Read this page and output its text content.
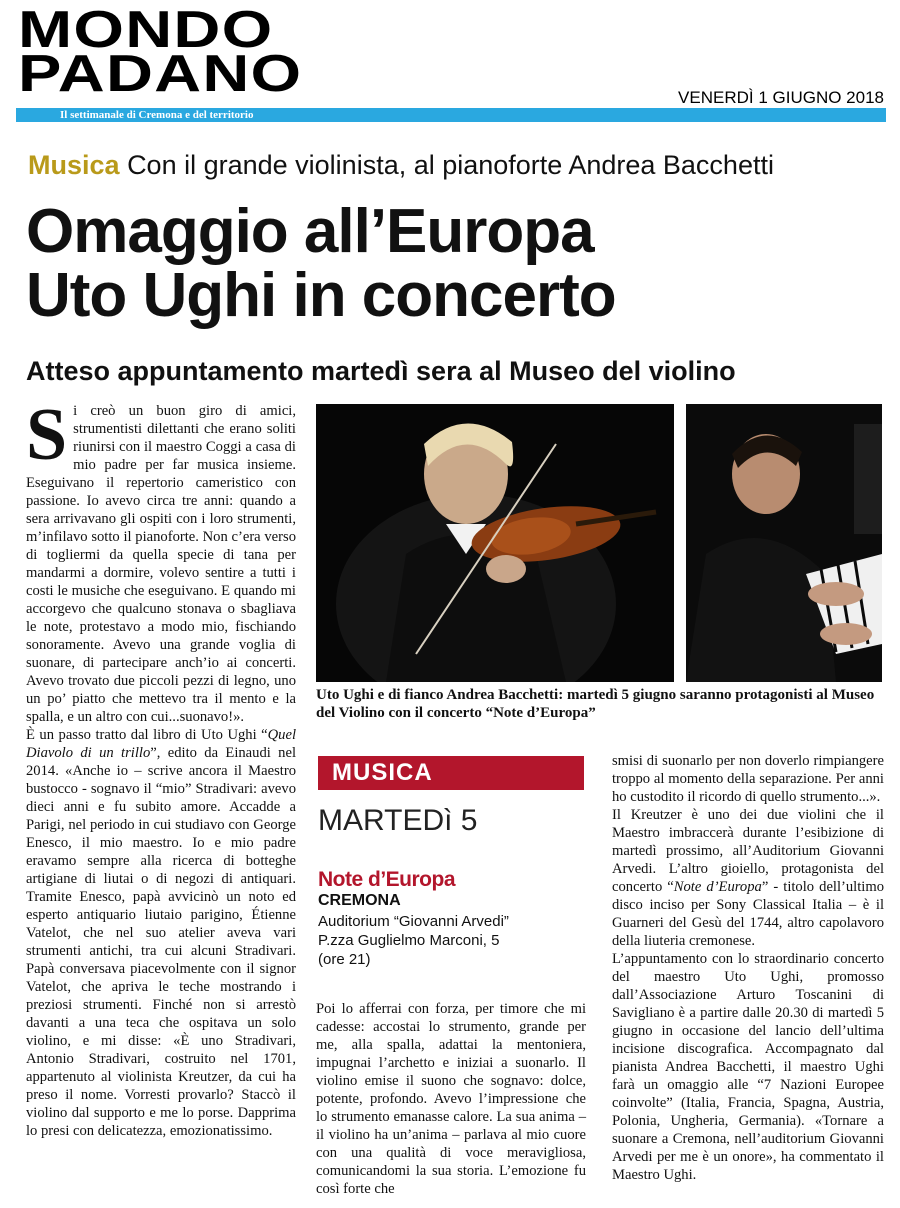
MONDO
PADANO	VENERDÌ 1 GIUGNO 2018
Il settimanale di Cremona e del territorio
Musica Con il grande violinista, al pianoforte Andrea Bacchetti
Omaggio all’Europa
Uto Ughi in concerto
Atteso appuntamento martedì sera al Museo del violino

Si creò un buon giro di amici, strumentisti dilettanti che erano soliti riunirsi con il maestro Coggi a casa di mio padre per far musica insieme. Eseguivano il repertorio cameristico con passione. Io avevo circa tre anni: quando a sera arrivavano gli ospiti con i loro strumenti, m’infilavo sotto il pianoforte. Non c’era verso di togliermi da quella specie di tana per mandarmi a dormire, volevo sentire a tutti i costi le musiche che eseguivano. E quando mi accorgevo che qualcuno stonava o sbagliava le note, protestavo a modo mio, fischiando sonoramente. Avevo una grande voglia di suonare, di partecipare anch’io ai concerti. Avevo trovato due piccoli pezzi di legno, uno un po’ piatto che mettevo tra il mento e la spalla, e un altro con cui...suonavo!».

È un passo tratto dal libro di Uto Ughi “Quel Diavolo di un trillo”, edito da Einaudi nel 2014. «Anche io – scrive ancora il Maestro bustocco - sognavo il “mio” Stradivari: avevo dieci anni e fu subito amore. Accadde a Parigi, nel periodo in cui studiavo con George Enesco, il mio maestro. Io e mio padre eravamo sempre alla ricerca di botteghe artigiane di liutai o di negozi di antiquari. Tramite Enesco, papà avvicinò un noto ed esperto antiquario liutaio parigino, Étienne Vatelot, che nel suo atelier aveva vari strumenti antichi, tra cui alcuni Stradivari. Papà conversava piacevolmente con il signor Vatelot, che apriva le teche mostrando i preziosi strumenti. Finché non si arrestò davanti a una teca che ospitava un solo violino, e mi disse: «È uno Stradivari, Antonio Stradivari, costruito nel 1701, appartenuto al violinista Kreutzer, da cui ha preso il nome. Vorresti provarlo? Staccò il violino dal supporto e me lo porse. Dapprima lo presi con delicatezza, emozionatissimo.

Uto Ughi e di fianco Andrea Bacchetti: martedì 5 giugno saranno protagonisti al Museo del Violino con il concerto “Note d’Europa”
MUSICA
MARTEDì 5
Note d’Europa
CREMONA
Auditorium “Giovanni Arvedi”
P.zza Guglielmo Marconi, 5
(ore 21)

Poi lo afferrai con forza, per timore che mi cadesse: accostai lo strumento, grande per me, alla spalla, adattai la mentoniera, impugnai l’archetto e iniziai a suonarlo. Il violino emise il suono che sognavo: dolce, potente, profondo. Avevo l’impressione che lo strumento emanasse calore. La sua anima – il violino ha un’anima – parlava al mio cuore con una qualità di voce meravigliosa, comunicandomi la sua storia. L’emozione fu così forte che

smisi di suonarlo per non doverlo rimpiangere troppo al momento della separazione. Per anni ho custodito il ricordo di quello strumento...».

Il Kreutzer è uno dei due violini che il Maestro imbraccerà durante l’esibizione di martedì prossimo, all’Auditorium Giovanni Arvedi. L’altro gioiello, protagonista del concerto “Note d’Europa” - titolo dell’ultimo disco inciso per Sony Classical Italia – è il Guarneri del Gesù del 1744, altro capolavoro della liuteria cremonese.

L’appuntamento con lo straordinario concerto del maestro Uto Ughi, promosso dall’Associazione Arturo Toscanini di Savigliano è a partire dalle 20.30 di martedì 5 giugno in occasione del lancio dell’ultima incisione discografica. Accompagnato dal pianista Andrea Bacchetti, il maestro Ughi farà un omaggio alle “7 Nazioni Europee coinvolte” (Italia, Francia, Spagna, Austria, Polonia, Ungheria, Germania). «Tornare a suonare a Cremona, nell’auditorium Giovanni Arvedi per me è un onore», ha commentato il Maestro Ughi.
